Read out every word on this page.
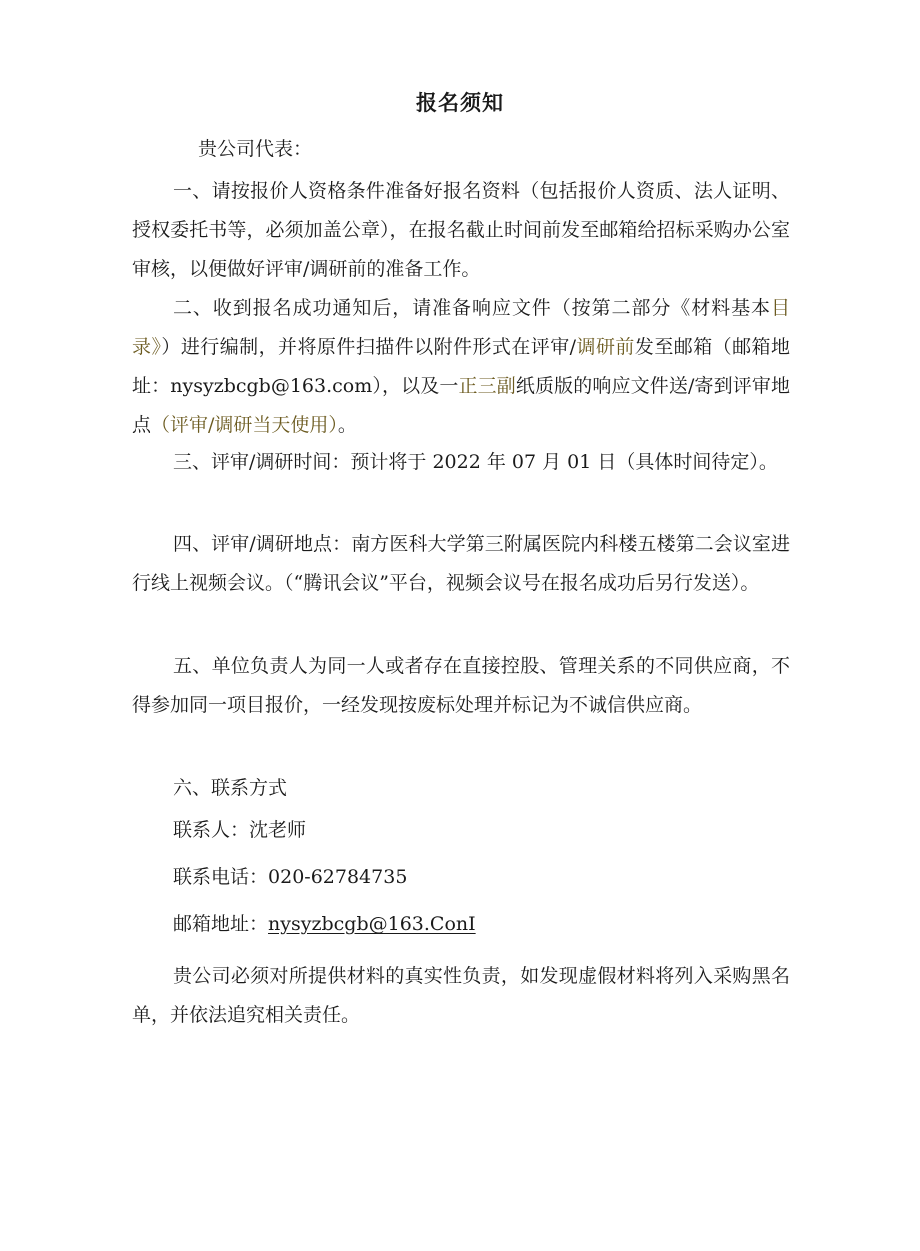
报名须知
贵公司代表：

一、请按报价人资格条件准备好报名资料（包括报价人资质、法人证明、授权委托书等，必须加盖公章），在报名截止时间前发至邮箱给招标采购办公室审核，以便做好评审/调研前的准备工作。

二、收到报名成功通知后，请准备响应文件（按第二部分《材料基本目录》）进行编制，并将原件扫描件以附件形式在评审/调研前发至邮箱（邮箱地址：nysyzbcgb@163.com），以及一正三副纸质版的响应文件送/寄到评审地点（评审/调研当天使用）。

三、评审/调研时间：预计将于 2022 年 07 月 01 日（具体时间待定）。

四、评审/调研地点：南方医科大学第三附属医院内科楼五楼第二会议室进行线上视频会议。（“腾讯会议”平台，视频会议号在报名成功后另行发送）。

五、单位负责人为同一人或者存在直接控股、管理关系的不同供应商，不得参加同一项目报价，一经发现按废标处理并标记为不诚信供应商。

六、联系方式
联系人：沈老师
联系电话：020-62784735
邮箱地址：nysyzbcgb@163.ConI

贵公司必须对所提供材料的真实性负责，如发现虚假材料将列入采购黑名单，并依法追究相关责任。
